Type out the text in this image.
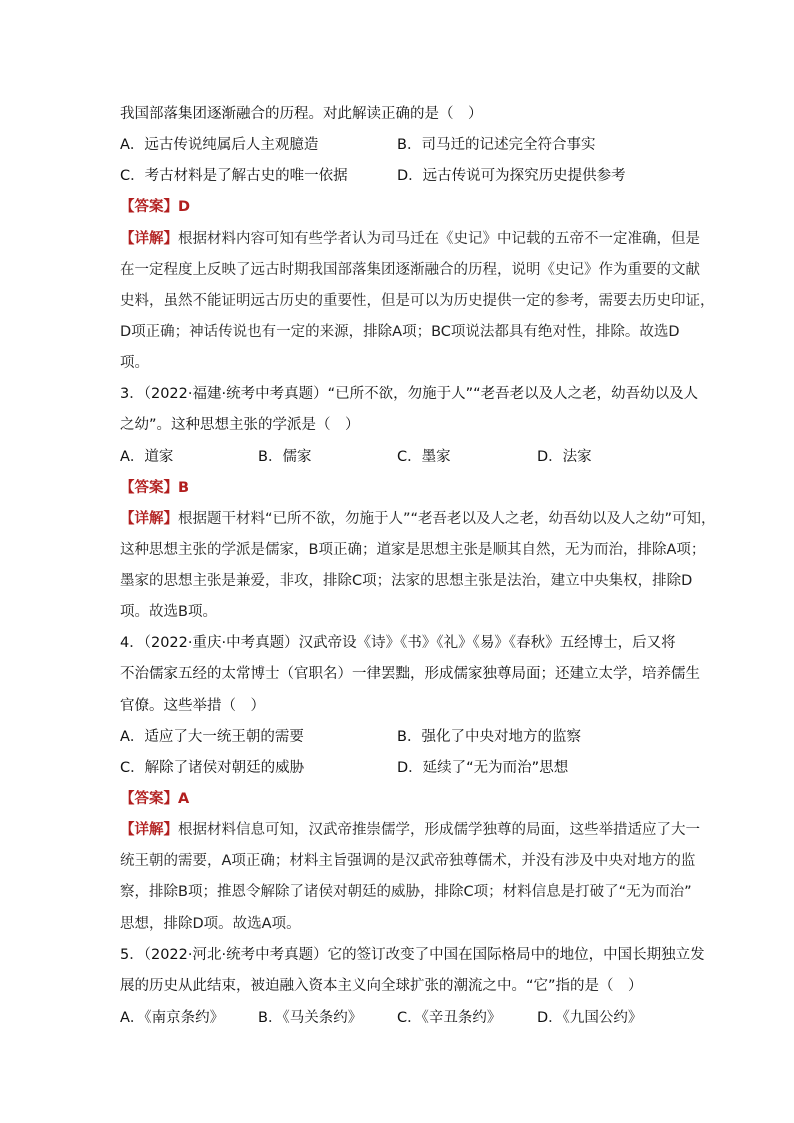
我国部落集团逐渐融合的历程。对此解读正确的是（　）
A．远古传说纯属后人主观臆造	B．司马迁的记述完全符合事实
C．考古材料是了解古史的唯一依据	D．远古传说可为探究历史提供参考
【答案】D
【详解】根据材料内容可知有些学者认为司马迁在《史记》中记载的五帝不一定准确，但是
在一定程度上反映了远古时期我国部落集团逐渐融合的历程，说明《史记》作为重要的文献
史料，虽然不能证明远古历史的重要性，但是可以为历史提供一定的参考，需要去历史印证，
D项正确；神话传说也有一定的来源，排除A项；BC项说法都具有绝对性，排除。故选D
项。
3．（2022·福建·统考中考真题）“已所不欲，勿施于人”“老吾老以及人之老，幼吾幼以及人
之幼”。这种思想主张的学派是（　）
A．道家	B．儒家	C．墨家	D．法家
【答案】B
【详解】根据题干材料“已所不欲，勿施于人”“老吾老以及人之老，幼吾幼以及人之幼”可知，
这种思想主张的学派是儒家，B项正确；道家是思想主张是顺其自然，无为而治，排除A项；
墨家的思想主张是兼爱，非攻，排除C项；法家的思想主张是法治，建立中央集权，排除D
项。故选B项。
4．（2022·重庆·中考真题）汉武帝设《诗》《书》《礼》《易》《春秋》五经博士，后又将
不治儒家五经的太常博士（官职名）一律罢黜，形成儒家独尊局面；还建立太学，培养儒生
官僚。这些举措（　）
A．适应了大一统王朝的需要	B．强化了中央对地方的监察
C．解除了诸侯对朝廷的威胁	D．延续了“无为而治”思想
【答案】A
【详解】根据材料信息可知，汉武帝推崇儒学，形成儒学独尊的局面，这些举措适应了大一
统王朝的需要，A项正确；材料主旨强调的是汉武帝独尊儒术，并没有涉及中央对地方的监
察，排除B项；推恩令解除了诸侯对朝廷的威胁，排除C项；材料信息是打破了“无为而治”
思想，排除D项。故选A项。
5．（2022·河北·统考中考真题）它的签订改变了中国在国际格局中的地位，中国长期独立发
展的历史从此结束，被迫融入资本主义向全球扩张的潮流之中。“它”指的是（　）
A．《南京条约》 B．《马关条约》 C．《辛丑条约》 D．《九国公约》
